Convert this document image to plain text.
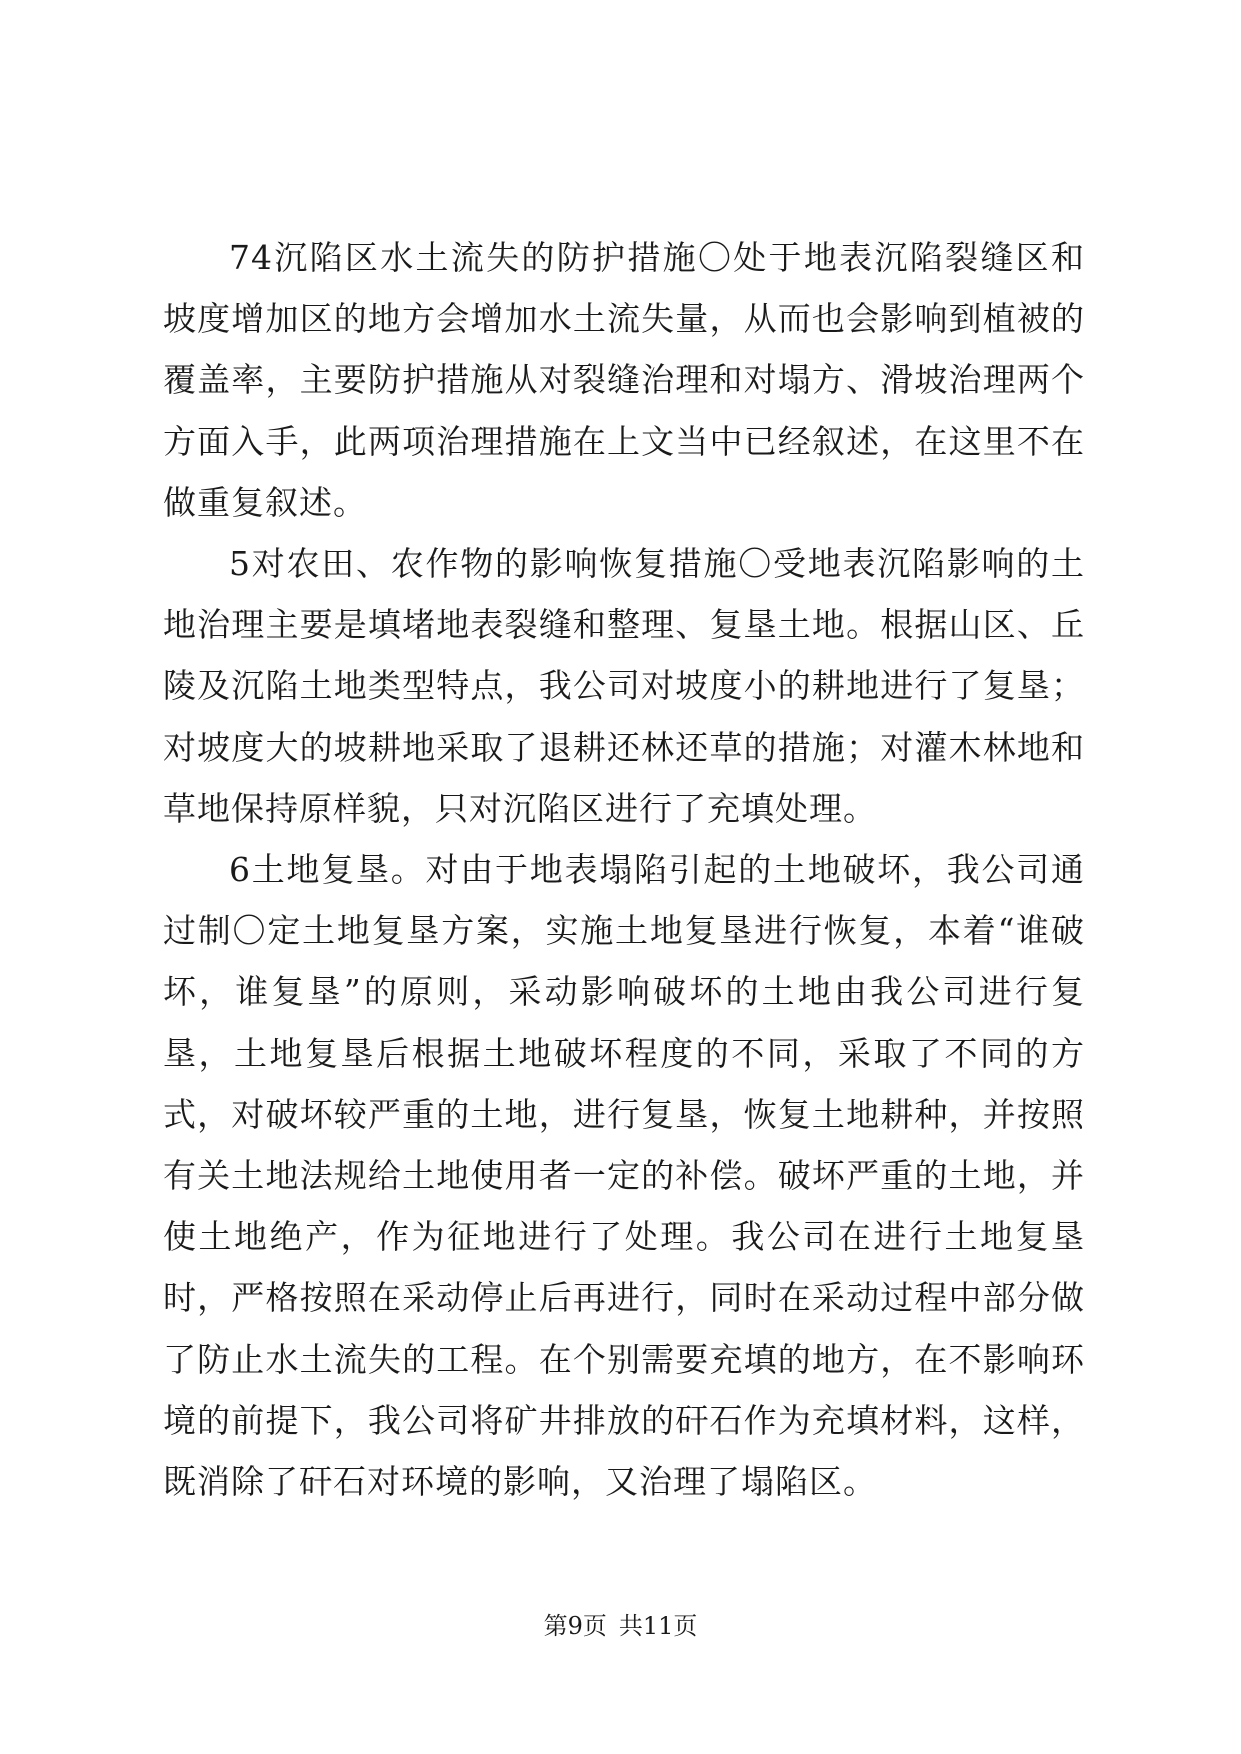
74沉陷区水土流失的防护措施〇处于地表沉陷裂缝区和坡度增加区的地方会增加水土流失量，从而也会影响到植被的覆盖率，主要防护措施从对裂缝治理和对塌方、滑坡治理两个方面入手，此两项治理措施在上文当中已经叙述，在这里不在做重复叙述。

5对农田、农作物的影响恢复措施〇受地表沉陷影响的土地治理主要是填堵地表裂缝和整理、复垦土地。根据山区、丘陵及沉陷土地类型特点，我公司对坡度小的耕地进行了复垦；对坡度大的坡耕地采取了退耕还林还草的措施；对灌木林地和草地保持原样貌，只对沉陷区进行了充填处理。

6土地复垦。对由于地表塌陷引起的土地破坏，我公司通过制〇定土地复垦方案，实施土地复垦进行恢复，本着“谁破坏，谁复垦”的原则，采动影响破坏的土地由我公司进行复垦，土地复垦后根据土地破坏程度的不同，采取了不同的方式，对破坏较严重的土地，进行复垦，恢复土地耕种，并按照有关土地法规给土地使用者一定的补偿。破坏严重的土地，并使土地绝产，作为征地进行了处理。我公司在进行土地复垦时，严格按照在采动停止后再进行，同时在采动过程中部分做了防止水土流失的工程。在个别需要充填的地方，在不影响环境的前提下，我公司将矿井排放的矸石作为充填材料，这样，既消除了矸石对环境的影响，又治理了塌陷区。

第9页 共11页
